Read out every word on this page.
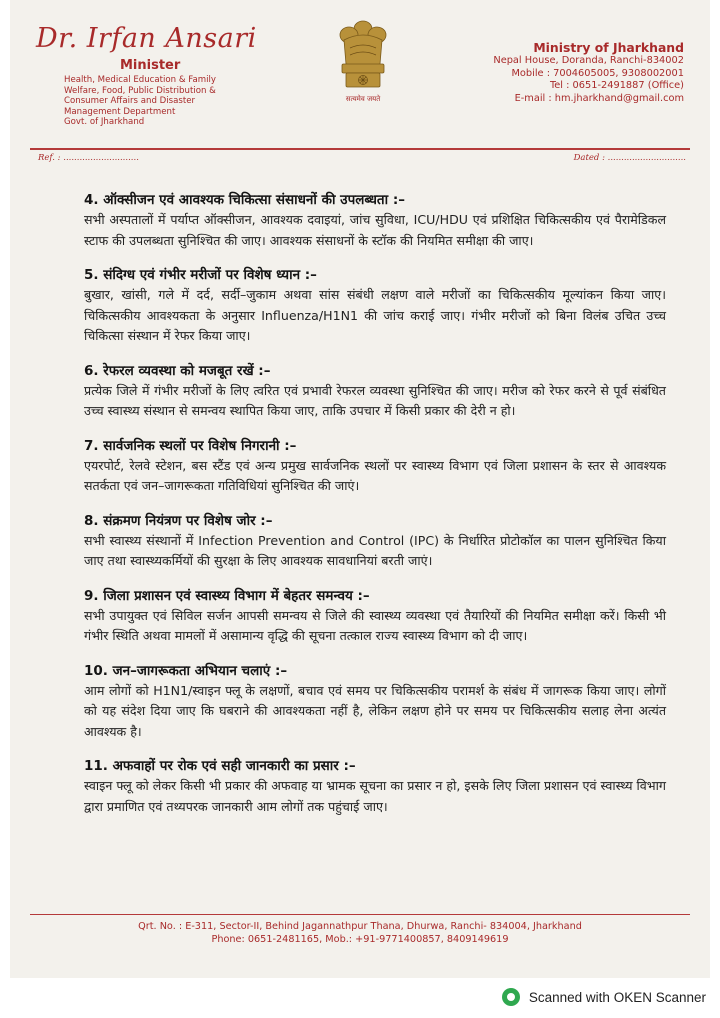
Dr. Irfan Ansari
Minister
Health, Medical Education & Family
Welfare, Food, Public Distribution &
Consumer Affairs and Disaster
Management Department
Govt. of Jharkhand
सत्यमेव जयते
Ministry of Jharkhand
Nepal House, Doranda, Ranchi-834002
Mobile : 7004605005, 9308002001
Tel : 0651-2491887 (Office)
E-mail : hm.jharkhand@gmail.com
Ref. : ............................	Dated : .............................
4. ऑक्सीजन एवं आवश्यक चिकित्सा संसाधनों की उपलब्धता :–
सभी अस्पतालों में पर्याप्त ऑक्सीजन, आवश्यक दवाइयां, जांच सुविधा, ICU/HDU एवं प्रशिक्षित चिकित्सकीय एवं पैरामेडिकल स्टाफ की उपलब्धता सुनिश्चित की जाए। आवश्यक संसाधनों के स्टॉक की नियमित समीक्षा की जाए।
5. संदिग्ध एवं गंभीर मरीजों पर विशेष ध्यान :–
बुखार, खांसी, गले में दर्द, सर्दी–जुकाम अथवा सांस संबंधी लक्षण वाले मरीजों का चिकित्सकीय मूल्यांकन किया जाए। चिकित्सकीय आवश्यकता के अनुसार Influenza/H1N1 की जांच कराई जाए। गंभीर मरीजों को बिना विलंब उचित उच्च चिकित्सा संस्थान में रेफर किया जाए।
6. रेफरल व्यवस्था को मजबूत रखें :–
प्रत्येक जिले में गंभीर मरीजों के लिए त्वरित एवं प्रभावी रेफरल व्यवस्था सुनिश्चित की जाए। मरीज को रेफर करने से पूर्व संबंधित उच्च स्वास्थ्य संस्थान से समन्वय स्थापित किया जाए, ताकि उपचार में किसी प्रकार की देरी न हो।
7. सार्वजनिक स्थलों पर विशेष निगरानी :–
एयरपोर्ट, रेलवे स्टेशन, बस स्टैंड एवं अन्य प्रमुख सार्वजनिक स्थलों पर स्वास्थ्य विभाग एवं जिला प्रशासन के स्तर से आवश्यक सतर्कता एवं जन–जागरूकता गतिविधियां सुनिश्चित की जाएं।
8. संक्रमण नियंत्रण पर विशेष जोर :–
सभी स्वास्थ्य संस्थानों में Infection Prevention and Control (IPC) के निर्धारित प्रोटोकॉल का पालन सुनिश्चित किया जाए तथा स्वास्थ्यकर्मियों की सुरक्षा के लिए आवश्यक सावधानियां बरती जाएं।
9. जिला प्रशासन एवं स्वास्थ्य विभाग में बेहतर समन्वय :–
सभी उपायुक्त एवं सिविल सर्जन आपसी समन्वय से जिले की स्वास्थ्य व्यवस्था एवं तैयारियों की नियमित समीक्षा करें। किसी भी गंभीर स्थिति अथवा मामलों में असामान्य वृद्धि की सूचना तत्काल राज्य स्वास्थ्य विभाग को दी जाए।
10. जन–जागरूकता अभियान चलाएं :–
आम लोगों को H1N1/स्वाइन फ्लू के लक्षणों, बचाव एवं समय पर चिकित्सकीय परामर्श के संबंध में जागरूक किया जाए। लोगों को यह संदेश दिया जाए कि घबराने की आवश्यकता नहीं है, लेकिन लक्षण होने पर समय पर चिकित्सकीय सलाह लेना अत्यंत आवश्यक है।
11. अफवाहों पर रोक एवं सही जानकारी का प्रसार :–
स्वाइन फ्लू को लेकर किसी भी प्रकार की अफवाह या भ्रामक सूचना का प्रसार न हो, इसके लिए जिला प्रशासन एवं स्वास्थ्य विभाग द्वारा प्रमाणित एवं तथ्यपरक जानकारी आम लोगों तक पहुंचाई जाए।
Qrt. No. : E-311, Sector-II, Behind Jagannathpur Thana, Dhurwa, Ranchi- 834004, Jharkhand
Phone: 0651-2481165, Mob.: +91-9771400857, 8409149619
Scanned with OKEN Scanner
